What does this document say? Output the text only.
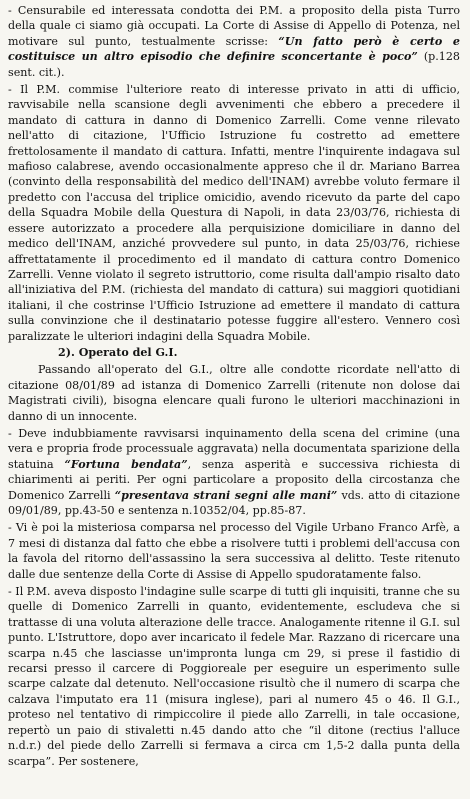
- Censurabile ed interessata condotta dei P.M. a proposito della pista Turro della quale ci siamo già occupati. La Corte di Assise di Appello di Potenza, nel motivare sul punto, testualmente scrisse: “Un fatto però è certo e costituisce un altro episodio che definire sconcertante è poco” (p.128 sent. cit.).

- Il P.M. commise l'ulteriore reato di interesse privato in atti di ufficio, ravvisabile nella scansione degli avvenimenti che ebbero a precedere il mandato di cattura in danno di Domenico Zarrelli. Come venne rilevato nell'atto di citazione, l'Ufficio Istruzione fu costretto ad emettere frettolosamente il mandato di cattura. Infatti, mentre l'inquirente indagava sul mafioso calabrese, avendo occasionalmente appreso che il dr. Mariano Barrea (convinto della responsabilità del medico dell'INAM) avrebbe voluto fermare il predetto con l'accusa del triplice omicidio, avendo ricevuto da parte del capo della Squadra Mobile della Questura di Napoli, in data 23/03/76, richiesta di essere autorizzato a procedere alla perquisizione domiciliare in danno del medico dell'INAM, anziché provvedere sul punto, in data 25/03/76, richiese affrettatamente il procedimento ed il mandato di cattura contro Domenico Zarrelli. Venne violato il segreto istruttorio, come risulta dall'ampio risalto dato all'iniziativa del P.M. (richiesta del mandato di cattura) sui maggiori quotidiani italiani, il che costrinse l'Ufficio Istruzione ad emettere il mandato di cattura sulla convinzione che il destinatario potesse fuggire all'estero. Vennero così paralizzate le ulteriori indagini della Squadra Mobile.

2). Operato del G.I.

Passando all'operato del G.I., oltre alle condotte ricordate nell'atto di citazione 08/01/89 ad istanza di Domenico Zarrelli (ritenute non dolose dai Magistrati civili), bisogna elencare quali furono le ulteriori macchinazioni in danno di un innocente.

- Deve indubbiamente ravvisarsi inquinamento della scena del crimine (una vera e propria frode processuale aggravata) nella documentata sparizione della statuina “Fortuna bendata”, senza asperità e successiva richiesta di chiarimenti ai periti. Per ogni particolare a proposito della circostanza che Domenico Zarrelli “presentava strani segni alle mani” vds. atto di citazione 09/01/89, pp.43-50 e sentenza n.10352/04, pp.85-87.

- Vi è poi la misteriosa comparsa nel processo del Vigile Urbano Franco Arfè, a 7 mesi di distanza dal fatto che ebbe a risolvere tutti i problemi dell'accusa con la favola del ritorno dell'assassino la sera successiva al delitto. Teste ritenuto dalle due sentenze della Corte di Assise di Appello spudoratamente falso.

- Il P.M. aveva disposto l'indagine sulle scarpe di tutti gli inquisiti, tranne che su quelle di Domenico Zarrelli in quanto, evidentemente, escludeva che si trattasse di una voluta alterazione delle tracce. Analogamente ritenne il G.I. sul punto. L'Istruttore, dopo aver incaricato il fedele Mar. Razzano di ricercare una scarpa n.45 che lasciasse un'impronta lunga cm 29, si prese il fastidio di recarsi presso il carcere di Poggioreale per eseguire un esperimento sulle scarpe calzate dal detenuto. Nell'occasione risultò che il numero di scarpa che calzava l'imputato era 11 (misura inglese), pari al numero 45 o 46. Il G.I., proteso nel tentativo di rimpiccolire il piede allo Zarrelli, in tale occasione, repertò un paio di stivaletti n.45 dando atto che “il ditone (rectius l'alluce n.d.r.) del piede dello Zarrelli si fermava a circa cm 1,5-2 dalla punta della scarpa”. Per sostenere,
